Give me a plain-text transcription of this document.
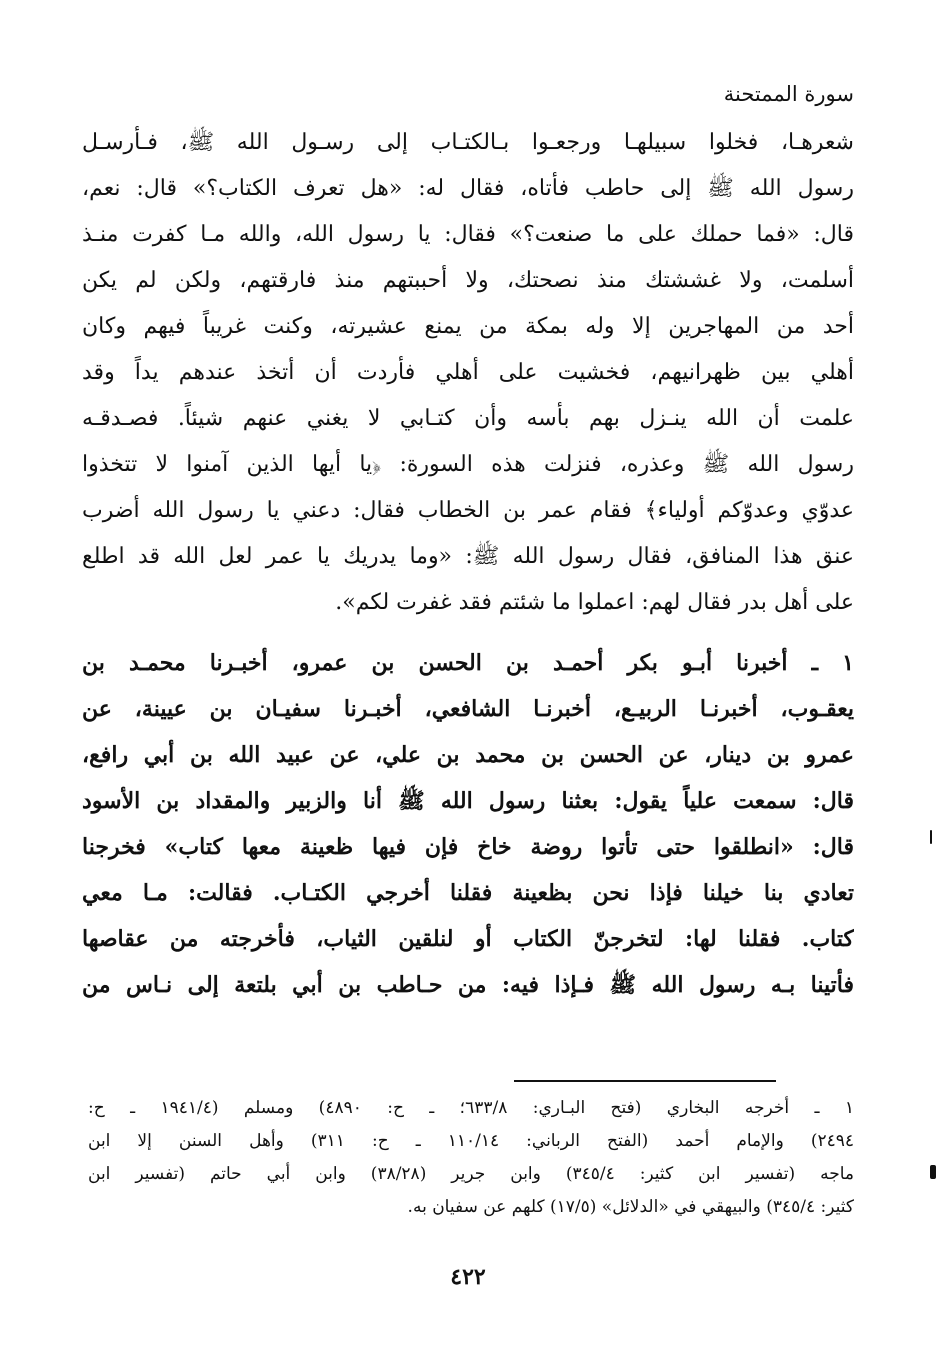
سورة الممتحنة
شعرهـا، فخلوا سبيلهـا ورجعـوا بـالكتـاب إلى رسـول الله ﷺ، فـأرسـل
رسول الله ﷺ إلى حاطب فأتاه، فقال له: «هل تعرف الكتاب؟» قال: نعم،
قال: «فما حملك على ما صنعت؟» فقال: يا رسول الله، والله مـا كفرت منـذ
أسلمت، ولا غششتك منذ نصحتك، ولا أحببتهم منذ فارقتهم، ولكن لم يكن
أحد من المهاجرين إلا وله بمكة من يمنع عشيرته، وكنت غريباً فيهم وكان
أهلي بين ظهرانيهم، فخشيت على أهلي فأردت أن أتخذ عندهم يداً وقد
علمت أن الله ينـزل بهم بأسه وأن كتـابي لا يغني عنهم شيئاً. فصـدقـه
رسول الله ﷺ وعذره، فنزلت هذه السورة: ﴿يا أيها الذين آمنوا لا تتخذوا
عدوّي وعدوّكم أولياء﴾ فقام عمر بن الخطاب فقال: دعني يا رسول الله أضرب
عنق هذا المنافق، فقال رسول الله ﷺ: «وما يدريك يا عمر لعل الله قد اطلع
على أهل بدر فقال لهم: اعملوا ما شئتم فقد غفرت لكم».
١ ـ أخبرنا أبـو بكر أحمـد بن الحسن بن عمرو، أخبـرنا محمـد بن
يعقـوب، أخبرنـا الربيـع، أخبرنـا الشافعي، أخبـرنا سفيـان بن عيينة، عن
عمرو بن دينار، عن الحسن بن محمد بن علي، عن عبيد الله بن أبي رافع،
قال: سمعت علياً يقول: بعثنا رسول الله ﷺ أنا والزبير والمقداد بن الأسود
قال: «انطلقوا حتى تأتوا روضة خاخ فإن فيها ظعينة معها كتاب» فخرجنا
تعادي بنا خيلنا فإذا نحن بظعينة فقلنا أخرجي الكتـاب. فقالت: مـا معي
كتاب. فقلنا لها: لتخرجنّ الكتاب أو لنلقين الثياب، فأخرجته من عقاصها
فأتينا بـه رسول الله ﷺ فـإذا فيه: من حـاطب بن أبي بلتعة إلى نـاس من
١ ـ أخرجه البخاري (فتح البـاري: ٦٣٣/٨؛ ـ ح: ٤٨٩٠) ومسلم (١٩٤١/٤ ـ ح:
٢٤٩٤) والإمام أحمد (الفتح الرباني: ١١٠/١٤ ـ ح: ٣١١) وأهل السنن إلا ابن
ماجه (تفسير ابن كثير: ٣٤٥/٤) وابن جرير (٣٨/٢٨) وابن أبي حاتم (تفسير ابن
كثير: ٣٤٥/٤) والبيهقي في «الدلائل» (١٧/٥) كلهم عن سفيان به.
٤٢٢
